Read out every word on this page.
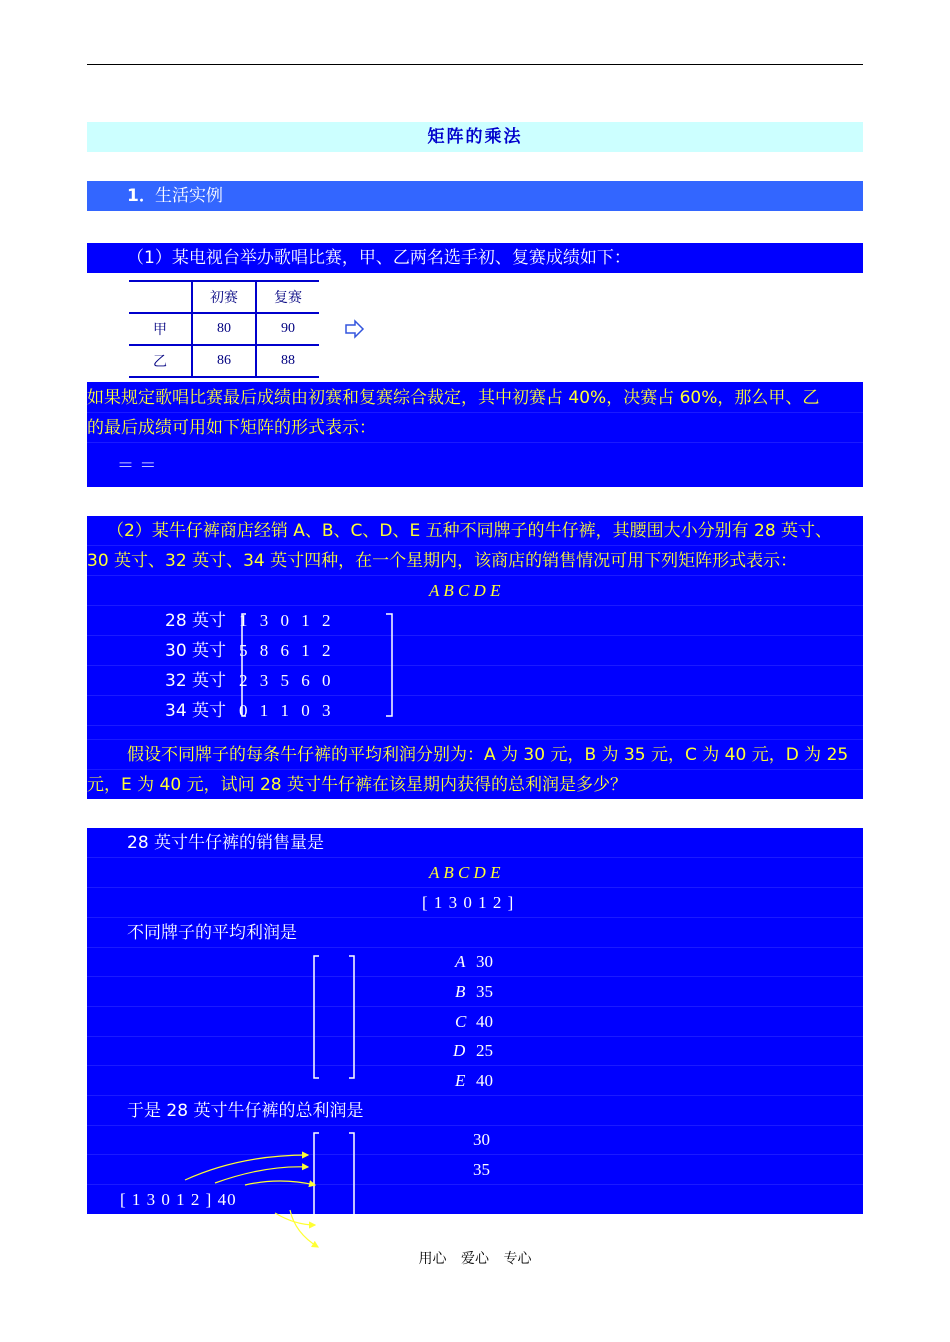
矩阵的乘法
1． 生活实例
（1）某电视台举办歌唱比赛，甲、乙两名选手初、复赛成绩如下：
	初赛	复赛
甲	80	90
乙	86	88
如果规定歌唱比赛最后成绩由初赛和复赛综合裁定，其中初赛占 40%，决赛占 60%，那么甲、乙
的最后成绩可用如下矩阵的形式表示：
＝ ＝
（2）某牛仔裤商店经销 A、B、C、D、E 五种不同牌子的牛仔裤，其腰围大小分别有 28 英寸、
30 英寸、32 英寸、34 英寸四种，在一个星期内，该商店的销售情况可用下列矩阵形式表示：
A B C D E
28 英寸 1 3 0 1 2
30 英寸 5 8 6 1 2
32 英寸 2 3 5 6 0
34 英寸 0 1 1 0 3
假设不同牌子的每条牛仔裤的平均利润分别为：A 为 30 元，B 为 35 元，C 为 40 元，D 为 25
元，E 为 40 元，试问 28 英寸牛仔裤在该星期内获得的总利润是多少？
28 英寸牛仔裤的销售量是
A B C D E
[ 1 3 0 1 2 ]
不同牌子的平均利润是
A 30
B 35
C 40
D 25
E 40
于是 28 英寸牛仔裤的总利润是
30
35
[ 1 3 0 1 2 ] 40
用心 爱心 专心
